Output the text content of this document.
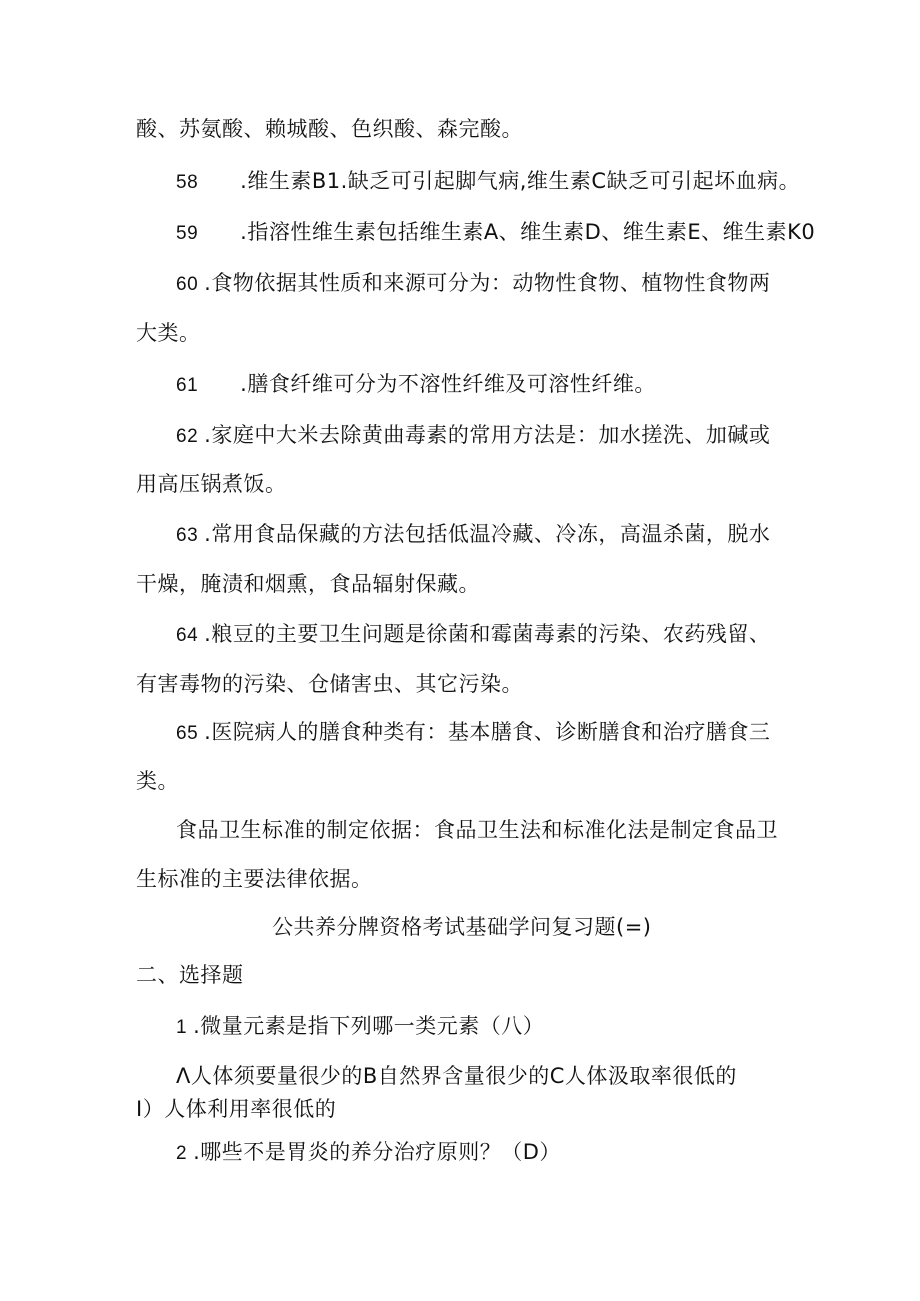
酸、苏氨酸、赖城酸、色织酸、森完酸。
58 .维生素B1.缺乏可引起脚气病,维生素C缺乏可引起坏血病。
59 .指溶性维生素包括维生素A、维生素D、维生素E、维生素K0
60 .食物依据其性质和来源可分为：动物性食物、植物性食物两
大类。
61 .膳食纤维可分为不溶性纤维及可溶性纤维。
62 .家庭中大米去除黄曲毒素的常用方法是：加水搓洗、加碱或
用高压锅煮饭。
63 .常用食品保藏的方法包括低温冷藏、冷冻，高温杀菌，脱水
干燥，腌渍和烟熏，食品辐射保藏。
64 .粮豆的主要卫生问题是徐菌和霉菌毒素的污染、农药残留、
有害毒物的污染、仓储害虫、其它污染。
65 .医院病人的膳食种类有：基本膳食、诊断膳食和治疗膳食三
类。
食品卫生标准的制定依据：食品卫生法和标准化法是制定食品卫
生标准的主要法律依据。
公共养分牌资格考试基础学问复习题(=)
二、选择题
1 .微量元素是指下列哪一类元素（八）
Λ人体须要量很少的B自然界含量很少的C人体汲取率很低的
I）人体利用率很低的
2 .哪些不是胃炎的养分治疗原则？（D）
